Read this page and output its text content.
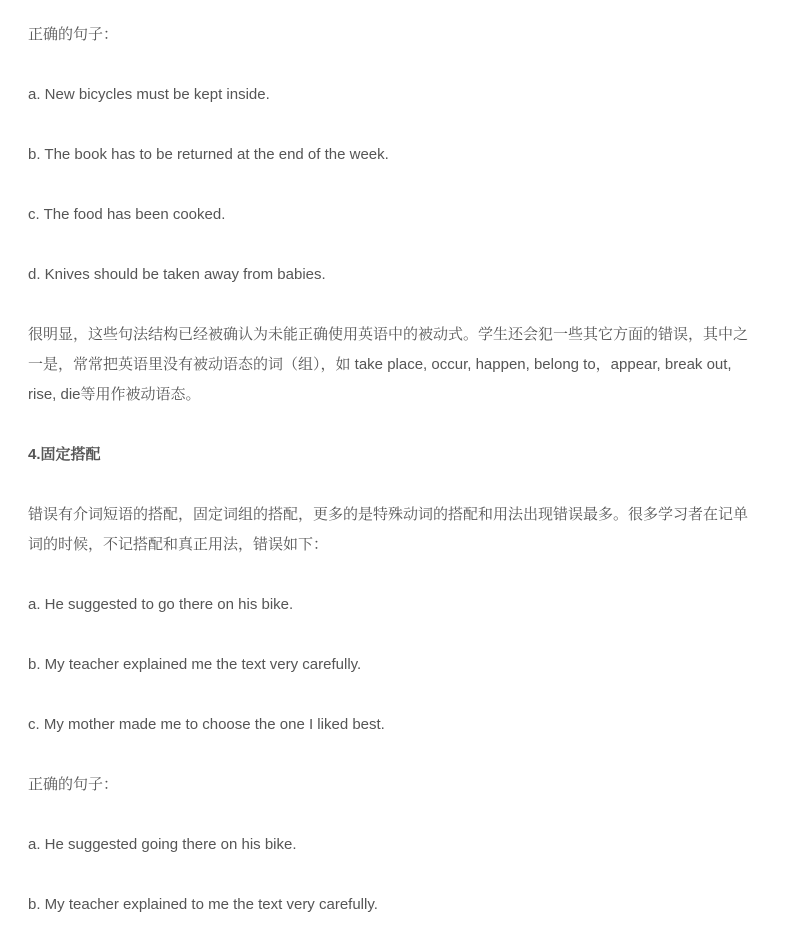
正确的句子：

a. New bicycles must be kept inside.

b. The book has to be returned at the end of the week.

c. The food has been cooked.

d. Knives should be taken away from babies.

很明显，这些句法结构已经被确认为未能正确使用英语中的被动式。学生还会犯一些其它方面的错误，其中之一是，常常把英语里没有被动语态的词（组），如 take place, occur, happen, belong to，appear, break out, rise, die等用作被动语态。

4.固定搭配

错误有介词短语的搭配，固定词组的搭配，更多的是特殊动词的搭配和用法出现错误最多。很多学习者在记单词的时候，不记搭配和真正用法，错误如下：

a. He suggested to go there on his bike.

b. My teacher explained me the text very carefully.

c. My mother made me to choose the one I liked best.

正确的句子：

a. He suggested going there on his bike.

b. My teacher explained to me the text very carefully.
